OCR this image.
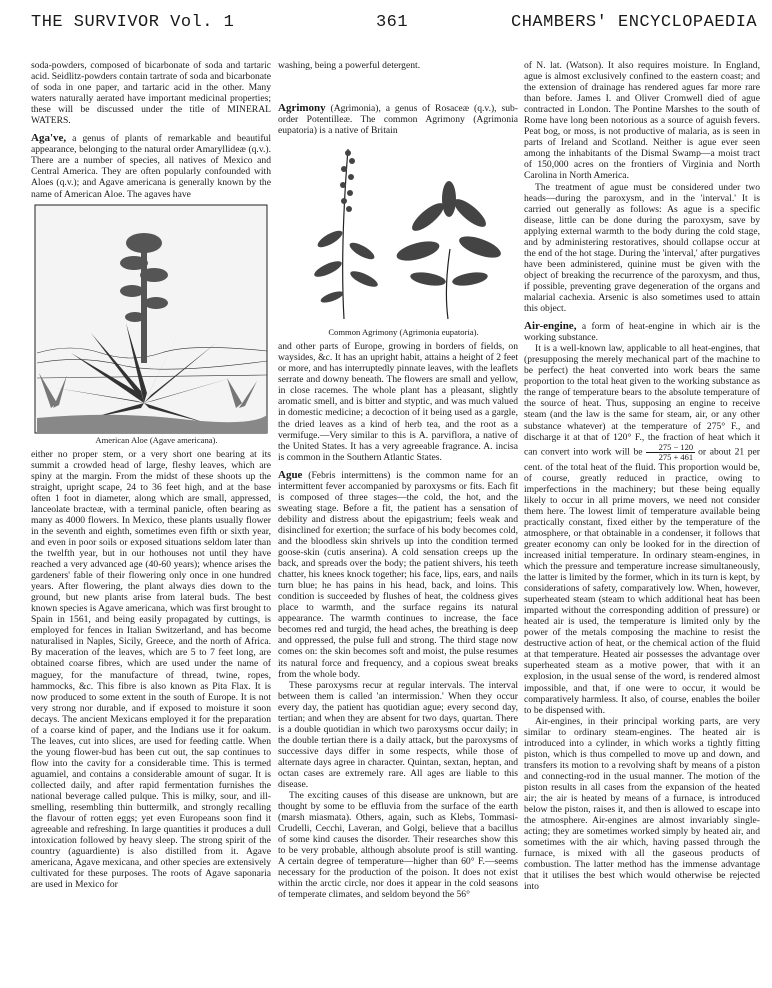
THE SURVIVOR Vol. 1	361	CHAMBERS' ENCYCLOPAEDIA

soda-powders, composed of bicarbonate of soda and tartaric acid. Seidlitz-powders contain tartrate of soda and bicarbonate of soda in one paper, and tartaric acid in the other. Many waters naturally aerated have important medicinal properties; these will be discussed under the title of MINERAL WATERS.

Aga've, a genus of plants of remarkable and beautiful appearance, belonging to the natural order Amaryllideæ (q.v.). There are a number of species, all natives of Mexico and Central America. They are often popularly confounded with Aloes (q.v.); and Agave americana is generally known by the name of American Aloe. The agaves have

American Aloe (Agave americana).

either no proper stem, or a very short one bearing at its summit a crowded head of large, fleshy leaves, which are spiny at the margin. From the midst of these shoots up the straight, upright scape, 24 to 36 feet high, and at the base often 1 foot in diameter, along which are small, appressed, lanceolate bracteæ, with a terminal panicle, often bearing as many as 4000 flowers. In Mexico, these plants usually flower in the seventh and eighth, sometimes even fifth or sixth year, and even in poor soils or exposed situations seldom later than the twelfth year, but in our hothouses not until they have reached a very advanced age (40-60 years); whence arises the gardeners' fable of their flowering only once in one hundred years. After flowering, the plant always dies down to the ground, but new plants arise from lateral buds. The best known species is Agave americana, which was first brought to Spain in 1561, and being easily propagated by cuttings, is employed for fences in Italian Switzerland, and has become naturalised in Naples, Sicily, Greece, and the north of Africa. By maceration of the leaves, which are 5 to 7 feet long, are obtained coarse fibres, which are used under the name of maguey, for the manufacture of thread, twine, ropes, hammocks, &c. This fibre is also known as Pita Flax. It is now produced to some extent in the south of Europe. It is not very strong nor durable, and if exposed to moisture it soon decays. The ancient Mexicans employed it for the preparation of a coarse kind of paper, and the Indians use it for oakum. The leaves, cut into slices, are used for feeding cattle. When the young flower-bud has been cut out, the sap continues to flow into the cavity for a considerable time. This is termed aguamiel, and contains a considerable amount of sugar. It is collected daily, and after rapid fermentation furnishes the national beverage called pulque. This is milky, sour, and ill-smelling, resembling thin buttermilk, and strongly recalling the flavour of rotten eggs; yet even Europeans soon find it agreeable and refreshing. In large quantities it produces a dull intoxication followed by heavy sleep. The strong spirit of the country (aguardiente) is also distilled from it. Agave americana, Agave mexicana, and other species are extensively cultivated for these purposes. The roots of Agave saponaria are used in Mexico for

washing, being a powerful detergent.

Agrimony (Agrimonia), a genus of Rosaceæ (q.v.), sub-order Potentilleæ. The common Agrimony (Agrimonia eupatoria) is a native of Britain

Common Agrimony (Agrimonia eupatoria).

and other parts of Europe, growing in borders of fields, on waysides, &c. It has an upright habit, attains a height of 2 feet or more, and has interruptedly pinnate leaves, with the leaflets serrate and downy beneath. The flowers are small and yellow, in close racemes. The whole plant has a pleasant, slightly aromatic smell, and is bitter and styptic, and was much valued in domestic medicine; a decoction of it being used as a gargle, the dried leaves as a kind of herb tea, and the root as a vermifuge.—Very similar to this is A. parviflora, a native of the United States. It has a very agreeable fragrance. A. incisa is common in the Southern Atlantic States.

Ague (Febris intermittens) is the common name for an intermittent fever accompanied by paroxysms or fits. Each fit is composed of three stages—the cold, the hot, and the sweating stage. Before a fit, the patient has a sensation of debility and distress about the epigastrium; feels weak and disinclined for exertion; the surface of his body becomes cold, and the bloodless skin shrivels up into the condition termed goose-skin (cutis anserina). A cold sensation creeps up the back, and spreads over the body; the patient shivers, his teeth chatter, his knees knock together; his face, lips, ears, and nails turn blue; he has pains in his head, back, and loins. This condition is succeeded by flushes of heat, the coldness gives place to warmth, and the surface regains its natural appearance. The warmth continues to increase, the face becomes red and turgid, the head aches, the breathing is deep and oppressed, the pulse full and strong. The third stage now comes on: the skin becomes soft and moist, the pulse resumes its natural force and frequency, and a copious sweat breaks from the whole body.

These paroxysms recur at regular intervals. The interval between them is called 'an intermission.' When they occur every day, the patient has quotidian ague; every second day, tertian; and when they are absent for two days, quartan. There is a double quotidian in which two paroxysms occur daily; in the double tertian there is a daily attack, but the paroxysms of successive days differ in some respects, while those of alternate days agree in character. Quintan, sextan, heptan, and octan cases are extremely rare. All ages are liable to this disease.

The exciting causes of this disease are unknown, but are thought by some to be effluvia from the surface of the earth (marsh miasmata). Others, again, such as Klebs, Tommasi-Crudelli, Cecchi, Laveran, and Golgi, believe that a bacillus of some kind causes the disorder. Their researches show this to be very probable, although absolute proof is still wanting. A certain degree of temperature—higher than 60° F.—seems necessary for the production of the poison. It does not exist within the arctic circle, nor does it appear in the cold seasons of temperate climates, and seldom beyond the 56°

of N. lat. (Watson). It also requires moisture. In England, ague is almost exclusively confined to the eastern coast; and the extension of drainage has rendered agues far more rare than before. James I. and Oliver Cromwell died of ague contracted in London. The Pontine Marshes to the south of Rome have long been notorious as a source of aguish fevers. Peat bog, or moss, is not productive of malaria, as is seen in parts of Ireland and Scotland. Neither is ague ever seen among the inhabitants of the Dismal Swamp—a moist tract of 150,000 acres on the frontiers of Virginia and North Carolina in North America.

The treatment of ague must be considered under two heads—during the paroxysm, and in the 'interval.' It is carried out generally as follows: As ague is a specific disease, little can be done during the paroxysm, save by applying external warmth to the body during the cold stage, and by administering restoratives, should collapse occur at the end of the hot stage. During the 'interval,' after purgatives have been administered, quinine must be given with the object of breaking the recurrence of the paroxysm, and thus, if possible, preventing grave degeneration of the organs and malarial cachexia. Arsenic is also sometimes used to attain this object.

Air-engine, a form of heat-engine in which air is the working substance.

It is a well-known law, applicable to all heat-engines, that (presupposing the merely mechanical part of the machine to be perfect) the heat converted into work bears the same proportion to the total heat given to the working substance as the range of temperature bears to the absolute temperature of the source of heat. Thus, supposing an engine to receive steam (and the law is the same for steam, air, or any other substance whatever) at the temperature of 275° F., and discharge it at that of 120° F., the fraction of heat which it can convert into work will be $\frac{275 - 120}{275 + 461}$ or about 21 per cent. of the total heat of the fluid. This proportion would be, of course, greatly reduced in practice, owing to imperfections in the machinery; but these being equally likely to occur in all prime movers, we need not consider them here. The lowest limit of temperature available being practically constant, fixed either by the temperature of the atmosphere, or that obtainable in a condenser, it follows that greater economy can only be looked for in the direction of increased initial temperature. In ordinary steam-engines, in which the pressure and temperature increase simultaneously, the latter is limited by the former, which in its turn is kept, by considerations of safety, comparatively low. When, however, superheated steam (steam to which additional heat has been imparted without the corresponding addition of pressure) or heated air is used, the temperature is limited only by the power of the metals composing the machine to resist the destructive action of heat, or the chemical action of the fluid at that temperature. Heated air possesses the advantage over superheated steam as a motive power, that with it an explosion, in the usual sense of the word, is rendered almost impossible, and that, if one were to occur, it would be comparatively harmless. It also, of course, enables the boiler to be dispensed with.

Air-engines, in their principal working parts, are very similar to ordinary steam-engines. The heated air is introduced into a cylinder, in which works a tightly fitting piston, which is thus compelled to move up and down, and transfers its motion to a revolving shaft by means of a piston and connecting-rod in the usual manner. The motion of the piston results in all cases from the expansion of the heated air; the air is heated by means of a furnace, is introduced below the piston, raises it, and then is allowed to escape into the atmosphere. Air-engines are almost invariably single-acting; they are sometimes worked simply by heated air, and sometimes with the air which, having passed through the furnace, is mixed with all the gaseous products of combustion. The latter method has the immense advantage that it utilises the best which would otherwise be rejected into
